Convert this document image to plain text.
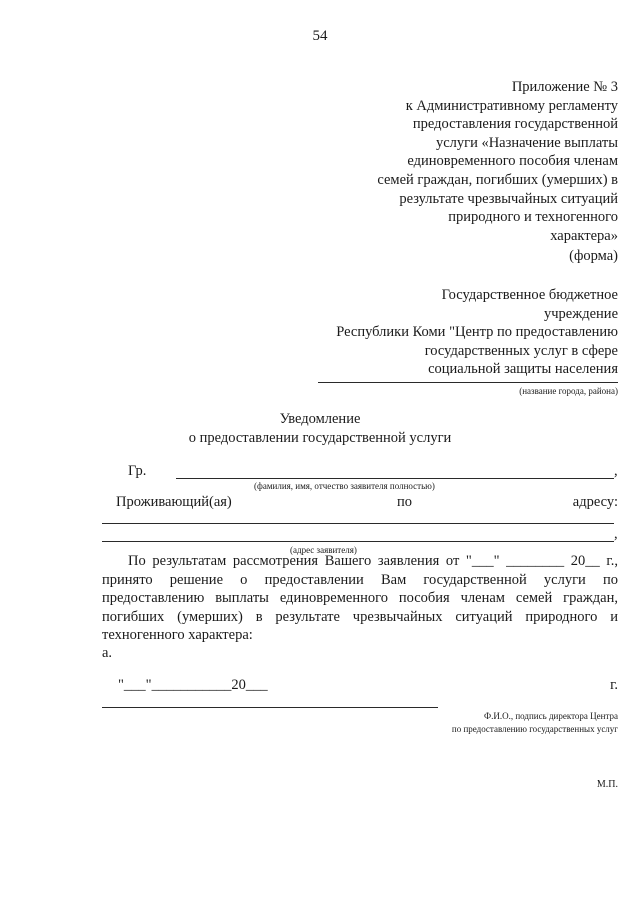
54
Приложение № 3
к Административному регламенту
предоставления государственной
услуги «Назначение выплаты
единовременного пособия членам
семей граждан, погибших (умерших) в
результате чрезвычайных ситуаций
природного и техногенного
характера»
(форма)
Государственное бюджетное
учреждение
Республики Коми "Центр по предоставлению
государственных услуг в сфере
социальной защиты населения
(название города, района)
Уведомление
о предоставлении государственной услуги
Гр.	,
(фамилия, имя, отчество заявителя полностью)
Проживающий(ая)	по	адресу:
,
(адрес заявителя)
По результатам рассмотрения Вашего заявления от "___" ________ 20__ г., принято решение о предоставлении Вам государственной услуги по предоставлению выплаты единовременного пособия членам семей граждан, погибших (умерших) в результате чрезвычайных ситуаций природного и техногенного характера:
а.
"___"___________20___	г.
Ф.И.О., подпись директора Центра
по предоставлению государственных услуг
М.П.
